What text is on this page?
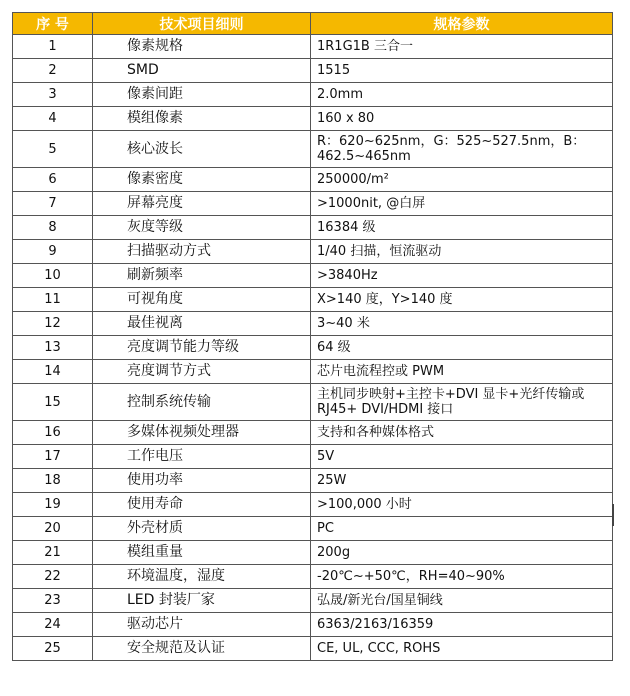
序 号	技术项目细则	规格参数
1	像素规格	1R1G1B 三合一
2	SMD	1515
3	像素间距	2.0mm
4	模组像素	160 x 80
5	核心波长	R：620~625nm，G：525~527.5nm，B：462.5~465nm
6	像素密度	250000/m²
7	屏幕亮度	>1000nit, @白屏
8	灰度等级	16384 级
9	扫描驱动方式	1/40 扫描，恒流驱动
10	刷新频率	>3840Hz
11	可视角度	X>140 度，Y>140 度
12	最佳视离	3~40 米
13	亮度调节能力等级	64 级
14	亮度调节方式	芯片电流程控或 PWM
15	控制系统传输	主机同步映射+主控卡+DVI 显卡+光纤传输或 RJ45+ DVI/HDMI 接口
16	多媒体视频处理器	支持和各种媒体格式
17	工作电压	5V
18	使用功率	25W
19	使用寿命	>100,000 小时
20	外壳材质	PC
21	模组重量	200g
22	环境温度，湿度	-20℃~+50℃，RH=40~90%
23	LED 封装厂家	弘晟/新光台/国星铜线
24	驱动芯片	6363/2163/16359
25	安全规范及认证	CE, UL, CCC, ROHS
